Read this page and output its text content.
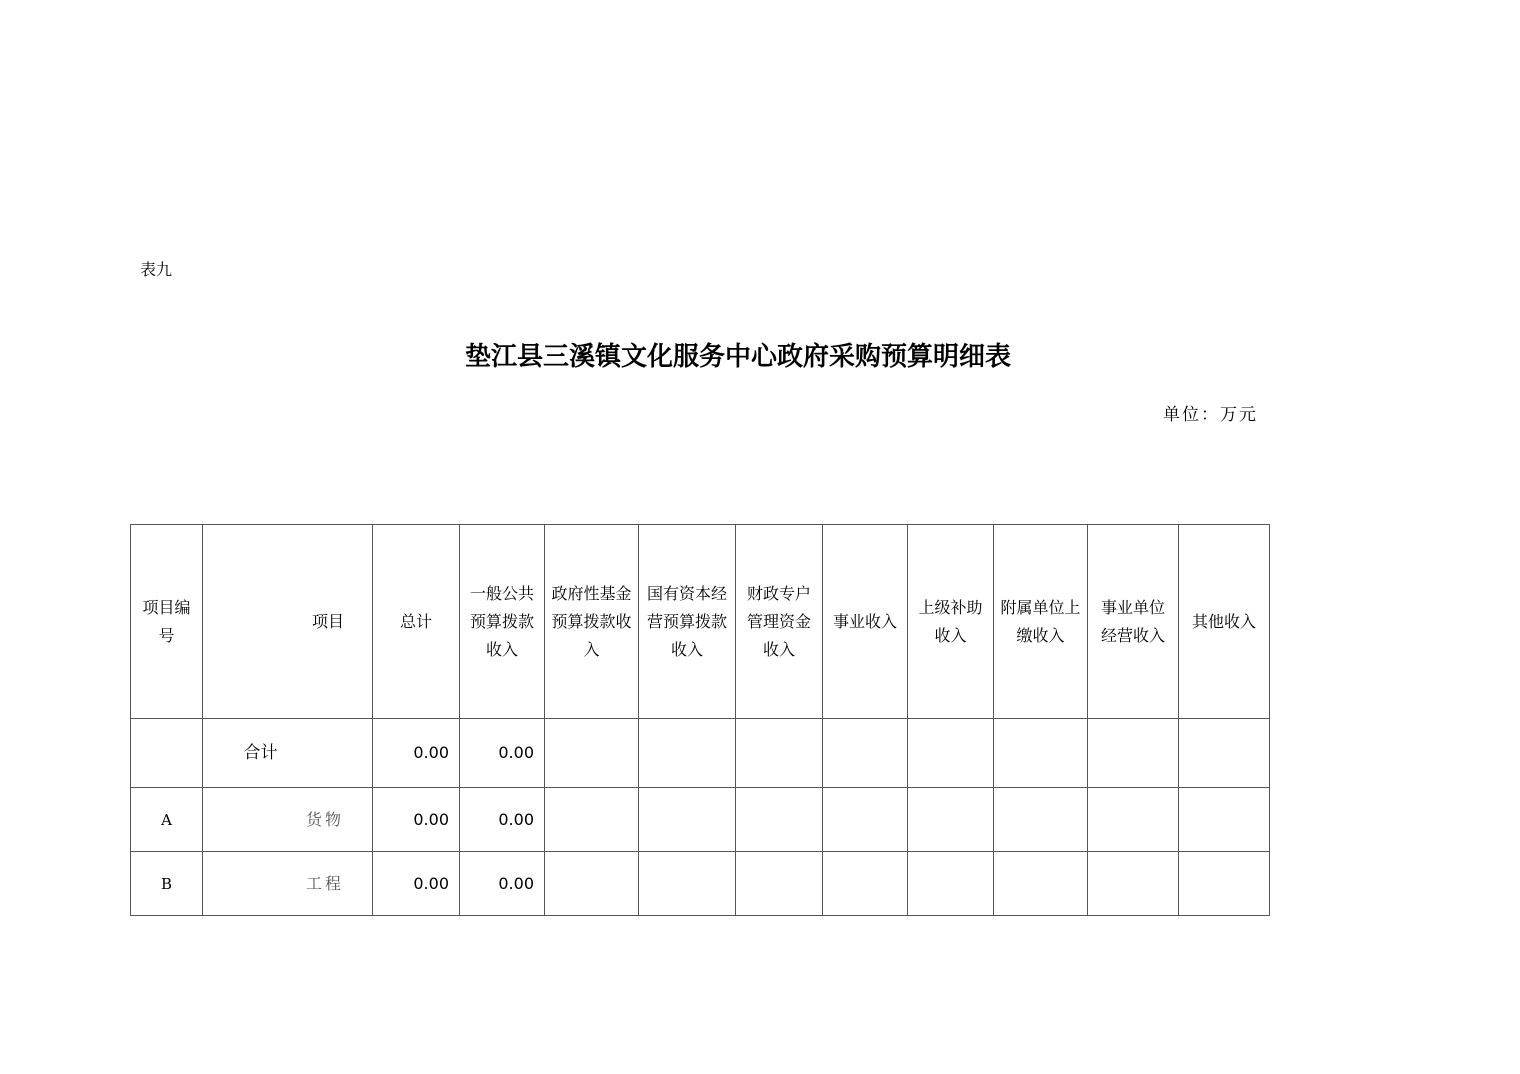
表九
垫江县三溪镇文化服务中心政府采购预算明细表
单位：万元
项目编号	项目	总计	一般公共预算拨款收入	政府性基金预算拨款收入	国有资本经营预算拨款收入	财政专户管理资金收入	事业收入	上级补助收入	附属单位上缴收入	事业单位经营收入	其他收入
	合计	0.00	0.00								
A	货物	0.00	0.00								
B	工程	0.00	0.00								
